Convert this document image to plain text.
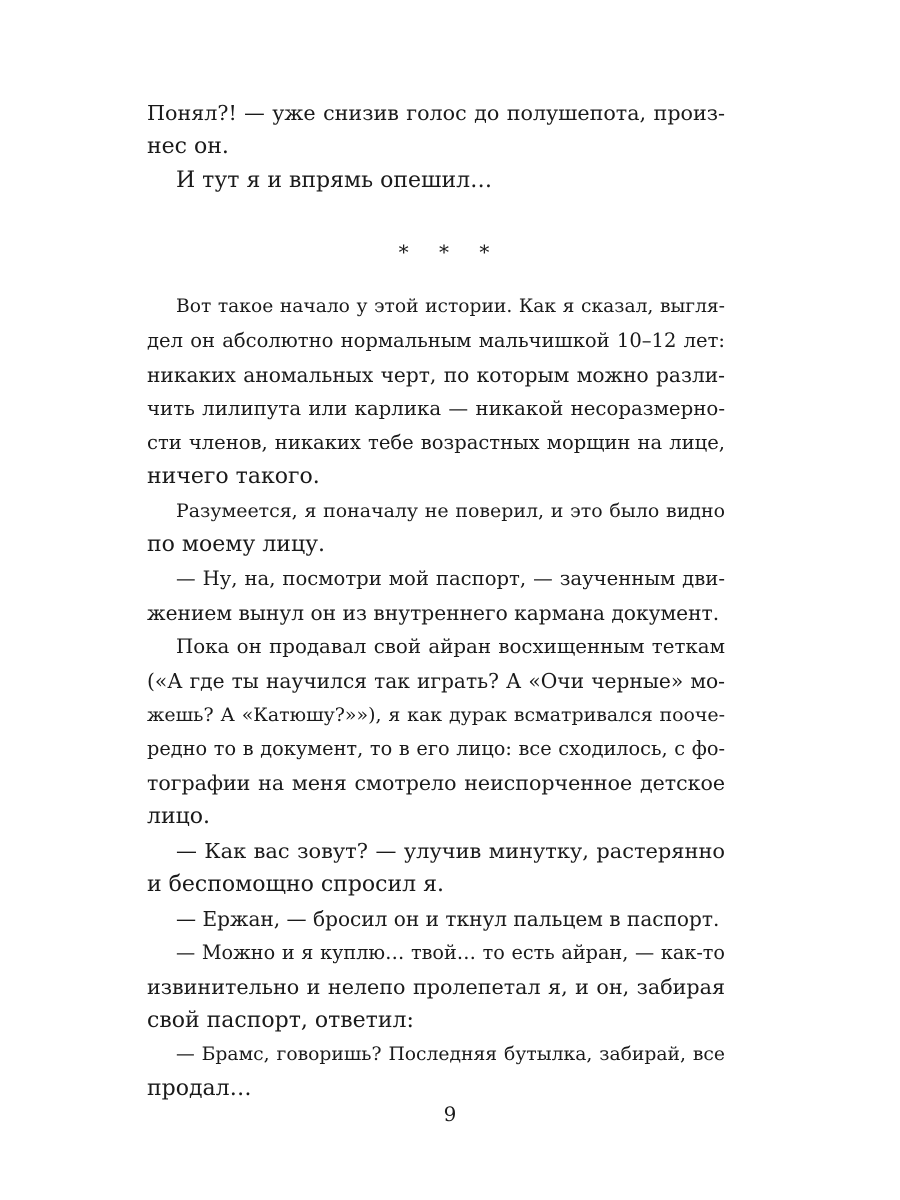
Понял?! — уже снизив голос до полушепота, произ-
нес он.
И тут я и впрямь опешил…
* * *
Вот такое начало у этой истории. Как я сказал, выгля-
дел он абсолютно нормальным мальчишкой 10–12 лет:
никаких аномальных черт, по которым можно разли-
чить лилипута или карлика — никакой несоразмерно-
сти членов, никаких тебе возрастных морщин на лице,
ничего такого.
Разумеется, я поначалу не поверил, и это было видно
по моему лицу.
— Ну, на, посмотри мой паспорт, — заученным дви-
жением вынул он из внутреннего кармана документ.
Пока он продавал свой айран восхищенным теткам
(«А где ты научился так играть? А «Очи черные» мо-
жешь? А «Катюшу?»»), я как дурак всматривался пооче-
редно то в документ, то в его лицо: все сходилось, с фо-
тографии на меня смотрело неиспорченное детское
лицо.
— Как вас зовут? — улучив минутку, растерянно
и беспомощно спросил я.
— Ержан, — бросил он и ткнул пальцем в паспорт.
— Можно и я куплю… твой… то есть айран, — как-то
извинительно и нелепо пролепетал я, и он, забирая
свой паспорт, ответил:
— Брамс, говоришь? Последняя бутылка, забирай, все
продал…
9
